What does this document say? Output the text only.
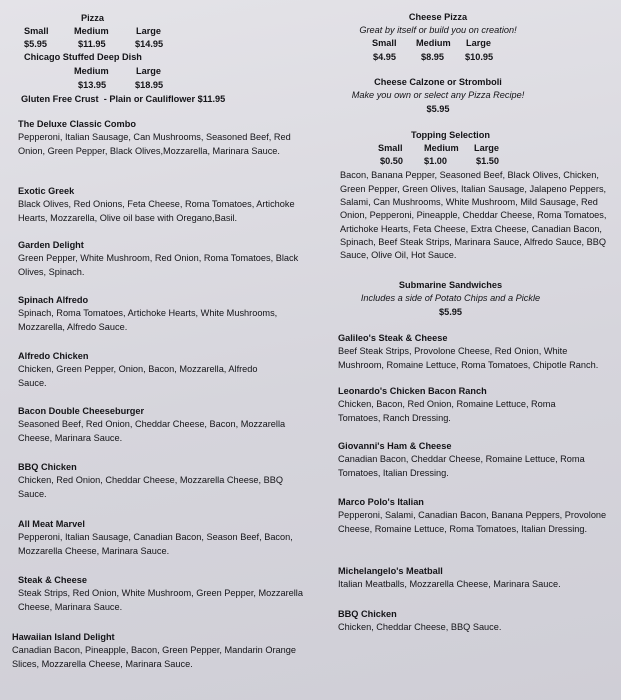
Pizza
Small	Medium	Large
$5.95	$11.95	$14.95
Chicago Stuffed Deep Dish
Medium	Large
$13.95	$18.95
Gluten Free Crust  - Plain or Cauliflower $11.95
The Deluxe Classic Combo
Pepperoni, Italian Sausage, Can Mushrooms, Seasoned Beef, Red Onion, Green Pepper, Black Olives,Mozzarella, Marinara Sauce.
Exotic Greek
Black Olives, Red Onions, Feta Cheese, Roma Tomatoes, Artichoke Hearts, Mozzarella, Olive oil base with Oregano,Basil.
Garden Delight
Green Pepper, White Mushroom, Red Onion, Roma Tomatoes, Black Olives, Spinach.
Spinach Alfredo
Spinach, Roma Tomatoes, Artichoke Hearts, White Mushrooms, Mozzarella, Alfredo Sauce.
Alfredo Chicken
Chicken, Green Pepper, Onion, Bacon, Mozzarella, Alfredo Sauce.
Bacon Double Cheeseburger
Seasoned Beef, Red Onion, Cheddar Cheese, Bacon, Mozzarella Cheese, Marinara Sauce.
BBQ Chicken
Chicken, Red Onion, Cheddar Cheese, Mozzarella Cheese, BBQ Sauce.
All Meat Marvel
Pepperoni, Italian Sausage, Canadian Bacon, Season Beef, Bacon, Mozzarella Cheese, Marinara Sauce.
Steak & Cheese
Steak Strips, Red Onion, White Mushroom, Green Pepper, Mozzarella Cheese, Marinara Sauce.
Hawaiian Island Delight
Canadian Bacon, Pineapple, Bacon, Green Pepper, Mandarin Orange Slices, Mozzarella Cheese, Marinara Sauce.
Cheese Pizza
Great by itself or build you on creation!
Small Medium Large
$4.95	$8.95 $10.95
Cheese Calzone or Stromboli
Make you own or select any Pizza Recipe!
$5.95
Topping Selection
Small Medium Large
$0.50 $1.00	$1.50
Bacon, Banana Pepper, Seasoned Beef, Black Olives, Chicken, Green Pepper, Green Olives, Italian Sausage, Jalapeno Peppers, Salami, Can Mushrooms, White Mushroom, Mild Sausage, Red Onion, Pepperoni, Pineapple, Cheddar Cheese, Roma Tomatoes, Artichoke Hearts, Feta Cheese, Extra Cheese, Canadian Bacon, Spinach, Beef Steak Strips, Marinara Sauce, Alfredo Sauce, BBQ Sauce, Olive Oil, Hot Sauce.
Submarine Sandwiches
Includes a side of Potato Chips and a Pickle
$5.95
Galileo's Steak & Cheese
Beef Steak Strips, Provolone Cheese, Red Onion, White Mushroom, Romaine Lettuce, Roma Tomatoes, Chipotle Ranch.
Leonardo's Chicken Bacon Ranch
Chicken, Bacon, Red Onion, Romaine Lettuce, Roma Tomatoes, Ranch Dressing.
Giovanni's Ham & Cheese
Canadian Bacon, Cheddar Cheese, Romaine Lettuce, Roma Tomatoes, Italian Dressing.
Marco Polo's Italian
Pepperoni, Salami, Canadian Bacon, Banana Peppers, Provolone Cheese, Romaine Lettuce, Roma Tomatoes, Italian Dressing.
Michelangelo's Meatball
Italian Meatballs, Mozzarella Cheese, Marinara Sauce.
BBQ Chicken
Chicken, Cheddar Cheese, BBQ Sauce.
